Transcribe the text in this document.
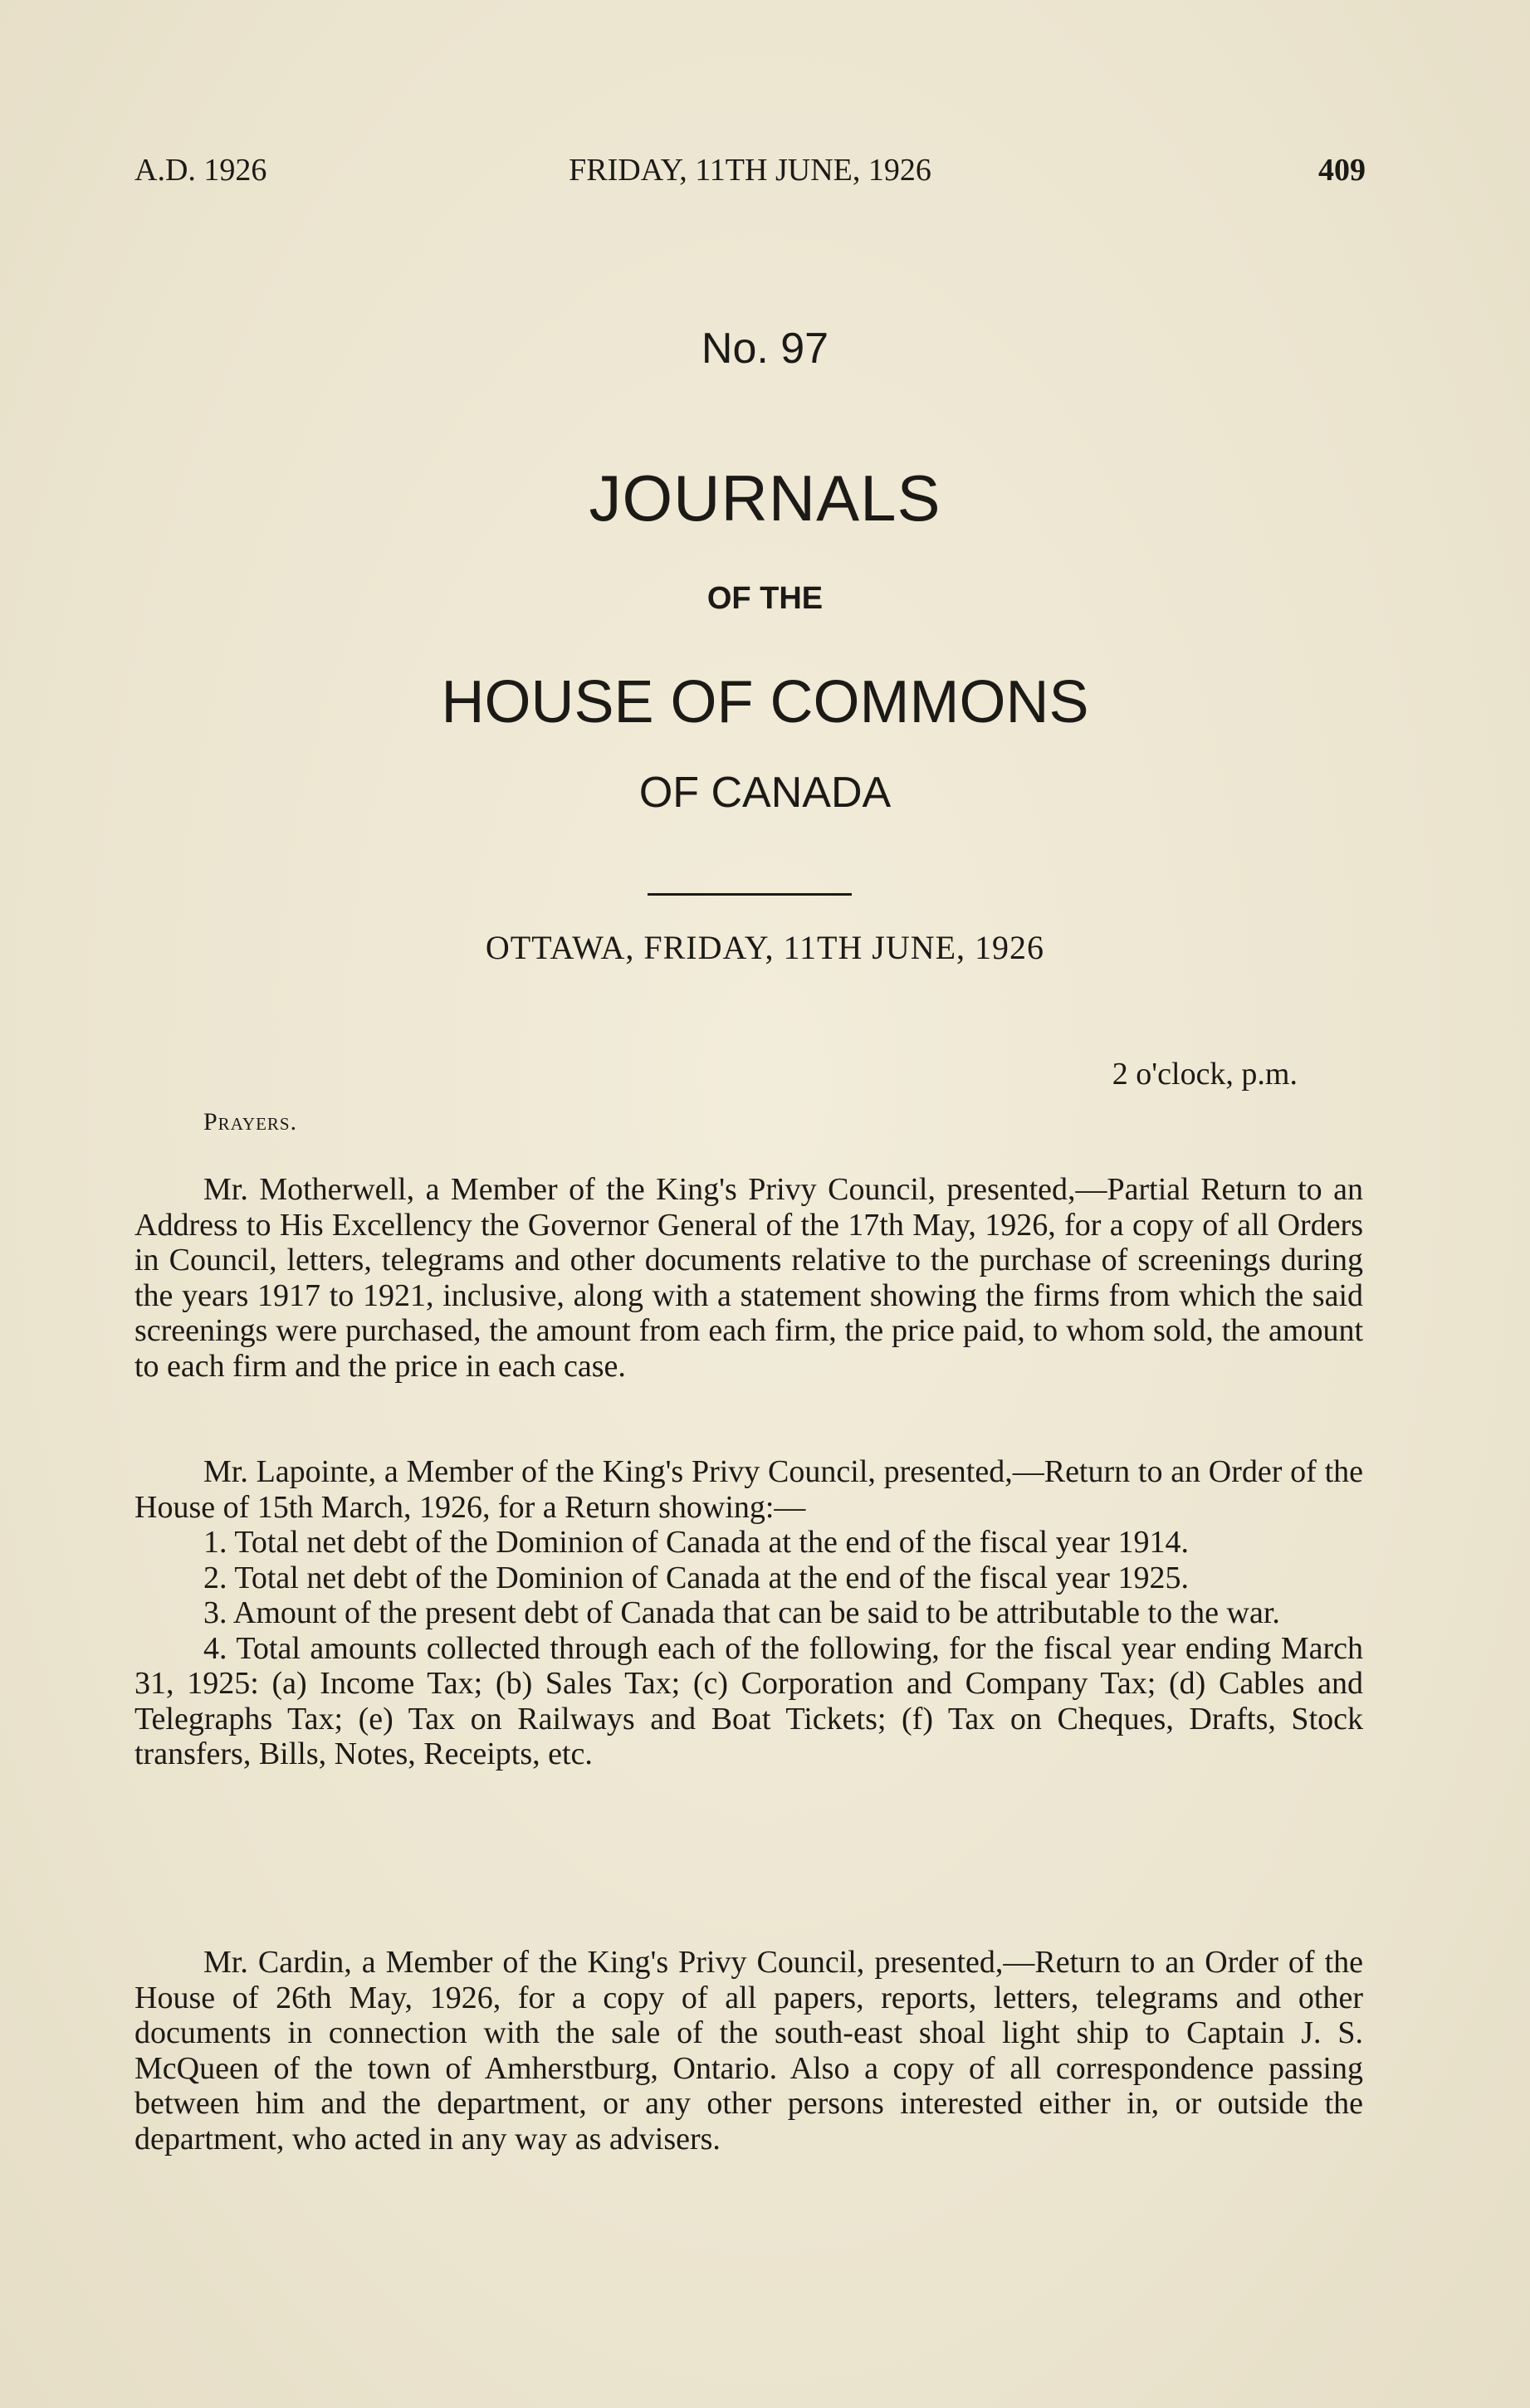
A.D. 1926	FRIDAY, 11TH JUNE, 1926	409
No. 97
JOURNALS
OF THE
HOUSE OF COMMONS
OF CANADA
OTTAWA, FRIDAY, 11TH JUNE, 1926
2 o'clock, p.m.
Prayers.

Mr. Motherwell, a Member of the King's Privy Council, presented,—Partial Return to an Address to His Excellency the Governor General of the 17th May, 1926, for a copy of all Orders in Council, letters, telegrams and other documents relative to the purchase of screenings during the years 1917 to 1921, inclusive, along with a statement showing the firms from which the said screenings were purchased, the amount from each firm, the price paid, to whom sold, the amount to each firm and the price in each case.

Mr. Lapointe, a Member of the King's Privy Council, presented,—Return to an Order of the House of 15th March, 1926, for a Return showing:—

1. Total net debt of the Dominion of Canada at the end of the fiscal year 1914.

2. Total net debt of the Dominion of Canada at the end of the fiscal year 1925.

3. Amount of the present debt of Canada that can be said to be attributable to the war.

4. Total amounts collected through each of the following, for the fiscal year ending March 31, 1925: (a) Income Tax; (b) Sales Tax; (c) Corporation and Company Tax; (d) Cables and Telegraphs Tax; (e) Tax on Railways and Boat Tickets; (f) Tax on Cheques, Drafts, Stock transfers, Bills, Notes, Receipts, etc.

Mr. Cardin, a Member of the King's Privy Council, presented,—Return to an Order of the House of 26th May, 1926, for a copy of all papers, reports, letters, telegrams and other documents in connection with the sale of the south-east shoal light ship to Captain J. S. McQueen of the town of Amherstburg, Ontario. Also a copy of all correspondence passing between him and the department, or any other persons interested either in, or outside the department, who acted in any way as advisers.
